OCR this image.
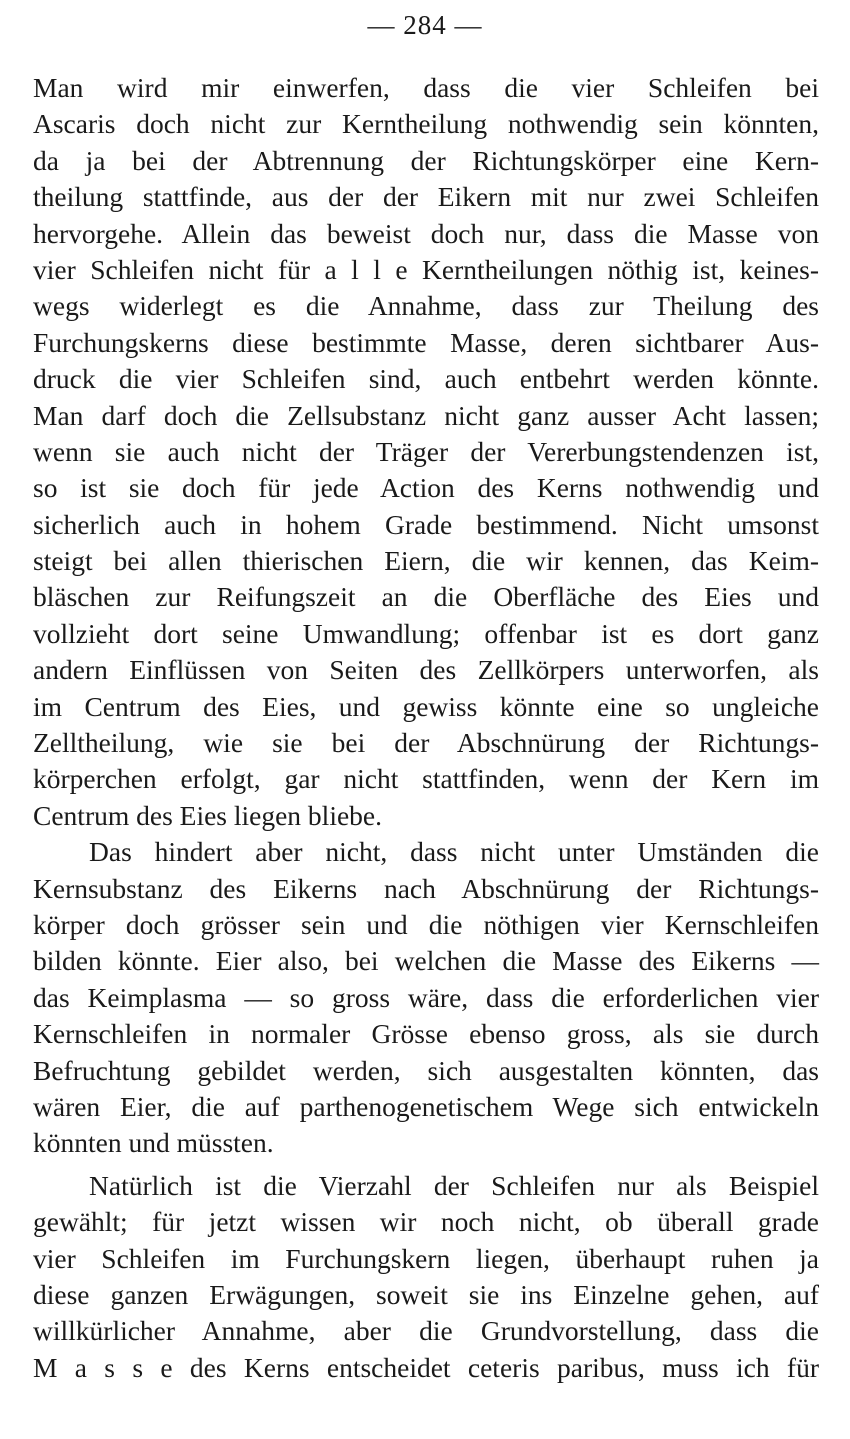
— 284 —
Man wird mir einwerfen, dass die vier Schleifen bei
Ascaris doch nicht zur Kerntheilung nothwendig sein könnten,
da ja bei der Abtrennung der Richtungskörper eine Kern-
theilung stattfinde, aus der der Eikern mit nur zwei Schleifen
hervorgehe. Allein das beweist doch nur, dass die Masse von
vier Schleifen nicht für a l l e Kerntheilungen nöthig ist, keines-
wegs widerlegt es die Annahme, dass zur Theilung des
Furchungskerns diese bestimmte Masse, deren sichtbarer Aus-
druck die vier Schleifen sind, auch entbehrt werden könnte.
Man darf doch die Zellsubstanz nicht ganz ausser Acht lassen;
wenn sie auch nicht der Träger der Vererbungstendenzen ist,
so ist sie doch für jede Action des Kerns nothwendig und
sicherlich auch in hohem Grade bestimmend. Nicht umsonst
steigt bei allen thierischen Eiern, die wir kennen, das Keim-
bläschen zur Reifungszeit an die Oberfläche des Eies und
vollzieht dort seine Umwandlung; offenbar ist es dort ganz
andern Einflüssen von Seiten des Zellkörpers unterworfen, als
im Centrum des Eies, und gewiss könnte eine so ungleiche
Zelltheilung, wie sie bei der Abschnürung der Richtungs-
körperchen erfolgt, gar nicht stattfinden, wenn der Kern im
Centrum des Eies liegen bliebe.
Das hindert aber nicht, dass nicht unter Umständen die
Kernsubstanz des Eikerns nach Abschnürung der Richtungs-
körper doch grösser sein und die nöthigen vier Kernschleifen
bilden könnte. Eier also, bei welchen die Masse des Eikerns —
das Keimplasma — so gross wäre, dass die erforderlichen vier
Kernschleifen in normaler Grösse ebenso gross, als sie durch
Befruchtung gebildet werden, sich ausgestalten könnten, das
wären Eier, die auf parthenogenetischem Wege sich entwickeln
könnten und müssten.
Natürlich ist die Vierzahl der Schleifen nur als Beispiel
gewählt; für jetzt wissen wir noch nicht, ob überall grade
vier Schleifen im Furchungskern liegen, überhaupt ruhen ja
diese ganzen Erwägungen, soweit sie ins Einzelne gehen, auf
willkürlicher Annahme, aber die Grundvorstellung, dass die
M a s s e des Kerns entscheidet ceteris paribus, muss ich für
